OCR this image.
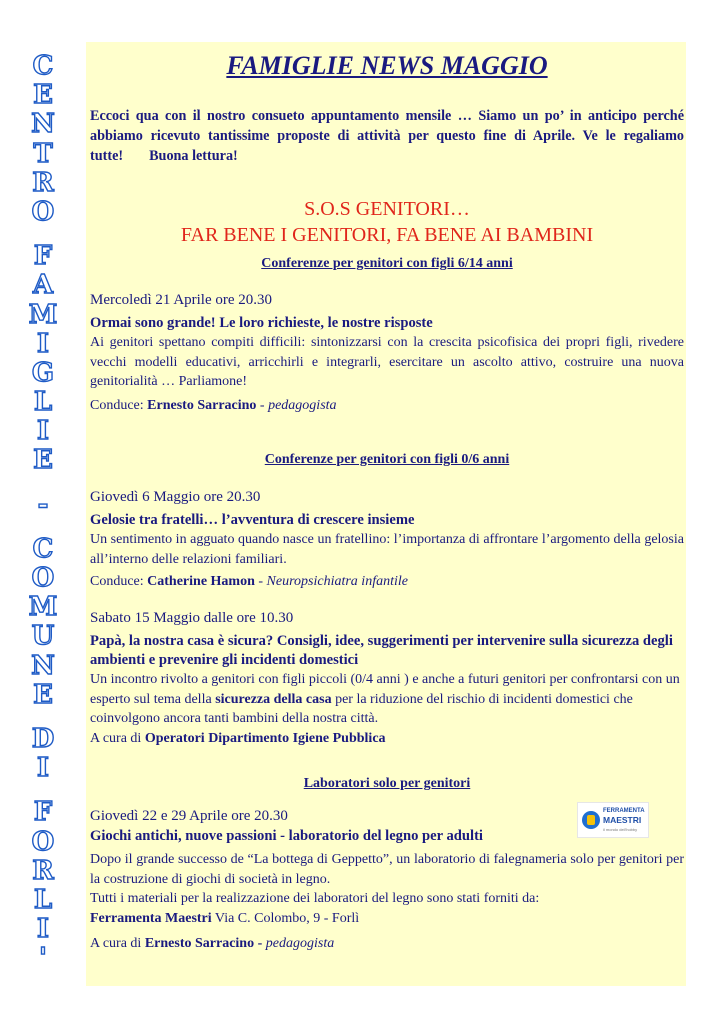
C
E
N
T
R
O
F
A
M
I
G
L
I
E
-
C
O
M
U
N
E
D
I
F
O
R
L
I
'
FAMIGLIE NEWS MAGGIO

Eccoci qua con il nostro consueto appuntamento mensile … Siamo un po’ in anticipo perché abbiamo ricevuto tantissime proposte di attività per questo fine di Aprile. Ve le regaliamo tutte! Buona lettura!

S.O.S GENITORI…
FAR BENE I GENITORI, FA BENE AI BAMBINI
Conferenze per genitori con figli 6/14 anni

Mercoledì 21 Aprile ore 20.30

Ormai sono grande! Le loro richieste, le nostre risposte

Ai genitori spettano compiti difficili: sintonizzarsi con la crescita psicofisica dei propri figli, rivedere vecchi modelli educativi, arricchirli e integrarli, esercitare un ascolto attivo, costruire una nuova genitorialità … Parliamone!

Conduce: Ernesto Sarracino - pedagogista

Conferenze per genitori con figli 0/6 anni

Giovedì 6 Maggio ore 20.30

Gelosie tra fratelli… l’avventura di crescere insieme

Un sentimento in agguato quando nasce un fratellino: l’importanza di affrontare l’argomento della gelosia all’interno delle relazioni familiari.

Conduce: Catherine Hamon - Neuropsichiatra infantile

Sabato 15 Maggio dalle ore 10.30

Papà, la nostra casa è sicura? Consigli, idee, suggerimenti per intervenire sulla sicurezza degli ambienti e prevenire gli incidenti domestici

Un incontro rivolto a genitori con figli piccoli (0/4 anni ) e anche a futuri genitori per confrontarsi con un esperto sul tema della sicurezza della casa per la riduzione del rischio di incidenti domestici che coinvolgono ancora tanti bambini della nostra città.

A cura di Operatori Dipartimento Igiene Pubblica

Laboratori solo per genitori
FERRAMENTA
MAESTRI
il mondo dell'hobby

Giovedì 22 e 29 Aprile ore 20.30

Giochi antichi, nuove passioni - laboratorio del legno per adulti

Dopo il grande successo de “La bottega di Geppetto”, un laboratorio di falegnameria solo per genitori per la costruzione di giochi di società in legno.

Tutti i materiali per la realizzazione dei laboratori del legno sono stati forniti da:

Ferramenta Maestri Via C. Colombo, 9 - Forlì

A cura di Ernesto Sarracino - pedagogista
